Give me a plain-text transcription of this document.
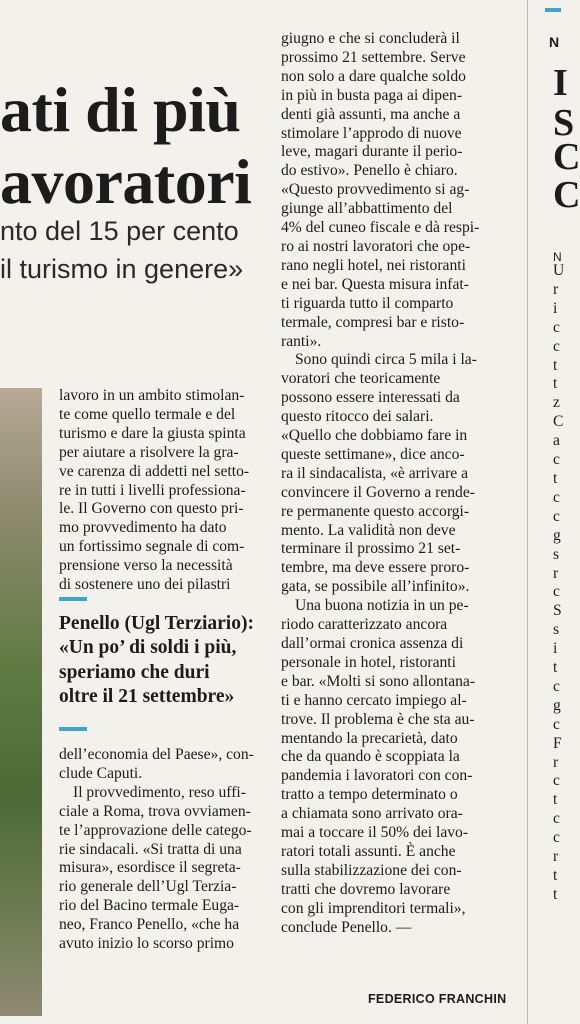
ati di più
avoratori
nto del 15 per cento
il turismo in genere»
lavoro in un ambito stimolan-
te come quello termale e del
turismo e dare la giusta spinta
per aiutare a risolvere la gra-
ve carenza di addetti nel setto-
re in tutti i livelli professiona-
le. Il Governo con questo pri-
mo provvedimento ha dato
un fortissimo segnale di com-
prensione verso la necessità
di sostenere uno dei pilastri
Penello (Ugl Terziario):
«Un po’ di soldi i più,
speriamo che duri
oltre il 21 settembre»
dell’economia del Paese», con-
clude Caputi.
Il provvedimento, reso uffi-
ciale a Roma, trova ovviamen-
te l’approvazione delle catego-
rie sindacali. «Si tratta di una
misura», esordisce il segreta-
rio generale dell’Ugl Terzia-
rio del Bacino termale Euga-
neo, Franco Penello, «che ha
avuto inizio lo scorso primo
giugno e che si concluderà il
prossimo 21 settembre. Serve
non solo a dare qualche soldo
in più in busta paga ai dipen-
denti già assunti, ma anche a
stimolare l’approdo di nuove
leve, magari durante il perio-
do estivo». Penello è chiaro.
«Questo provvedimento si ag-
giunge all’abbattimento del
4% del cuneo fiscale e dà respi-
ro ai nostri lavoratori che ope-
rano negli hotel, nei ristoranti
e nei bar. Questa misura infat-
ti riguarda tutto il comparto
termale, compresi bar e risto-
ranti».
Sono quindi circa 5 mila i la-
voratori che teoricamente
possono essere interessati da
questo ritocco dei salari.
«Quello che dobbiamo fare in
queste settimane», dice anco-
ra il sindacalista, «è arrivare a
convincere il Governo a rende-
re permanente questo accorgi-
mento. La validità non deve
terminare il prossimo 21 set-
tembre, ma deve essere proro-
gata, se possibile all’infinito».
Una buona notizia in un pe-
riodo caratterizzato ancora
dall’ormai cronica assenza di
personale in hotel, ristoranti
e bar. «Molti si sono allontana-
ti e hanno cercato impiego al-
trove. Il problema è che sta au-
mentando la precarietà, dato
che da quando è scoppiata la
pandemia i lavoratori con con-
tratto a tempo determinato o
a chiamata sono arrivato ora-
mai a toccare il 50% dei lavo-
ratori totali assunti. È anche
sulla stabilizzazione dei con-
tratti che dovremo lavorare
con gli imprenditori termali»,
conclude Penello. —
FEDERICO FRANCHIN
N
I
S
C
C
N
U
r
i
c
c
t
t
z
C
a
c
t
c
c
g
s
r
c
S
s
i
t
c
g
c
F
r
c
t
c
c
r
t
t
